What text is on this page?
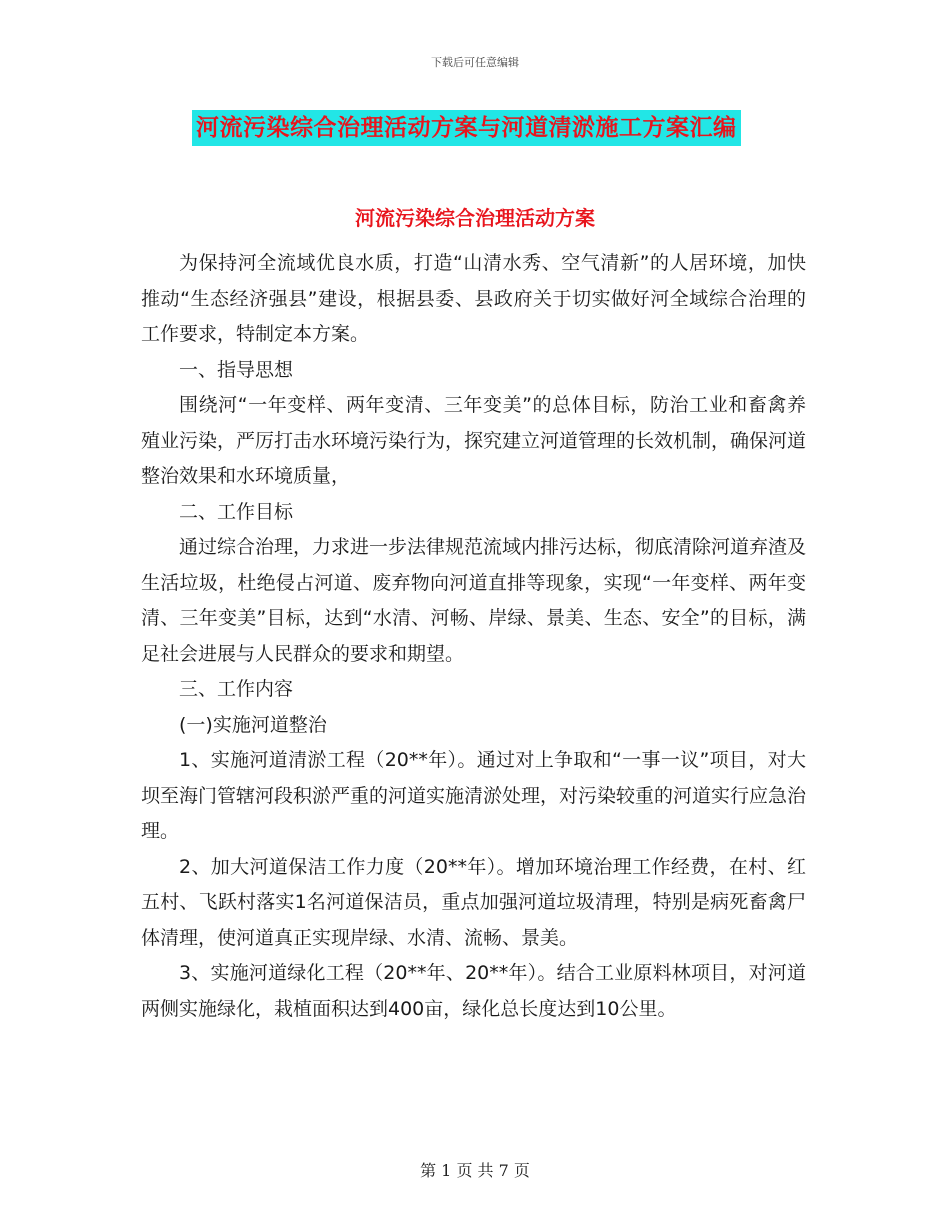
下载后可任意编辑
河流污染综合治理活动方案与河道清淤施工方案汇编
河流污染综合治理活动方案

为保持河全流域优良水质，打造“山清水秀、空气清新”的人居环境，加快推动“生态经济强县”建设，根据县委、县政府关于切实做好河全域综合治理的工作要求，特制定本方案。

一、指导思想

围绕河“一年变样、两年变清、三年变美”的总体目标，防治工业和畜禽养殖业污染，严厉打击水环境污染行为，探究建立河道管理的长效机制，确保河道整治效果和水环境质量，

二、工作目标

通过综合治理，力求进一步法律规范流域内排污达标，彻底清除河道弃渣及生活垃圾，杜绝侵占河道、废弃物向河道直排等现象，实现“一年变样、两年变清、三年变美”目标，达到“水清、河畅、岸绿、景美、生态、安全”的目标，满足社会进展与人民群众的要求和期望。

三、工作内容

(一)实施河道整治

1、实施河道清淤工程（20**年）。通过对上争取和“一事一议”项目，对大坝至海门管辖河段积淤严重的河道实施清淤处理，对污染较重的河道实行应急治理。

2、加大河道保洁工作力度（20**年）。增加环境治理工作经费，在村、红五村、飞跃村落实1名河道保洁员，重点加强河道垃圾清理，特别是病死畜禽尸体清理，使河道真正实现岸绿、水清、流畅、景美。

3、实施河道绿化工程（20**年、20**年）。结合工业原料林项目，对河道两侧实施绿化，栽植面积达到400亩，绿化总长度达到10公里。

第 1 页 共 7 页
